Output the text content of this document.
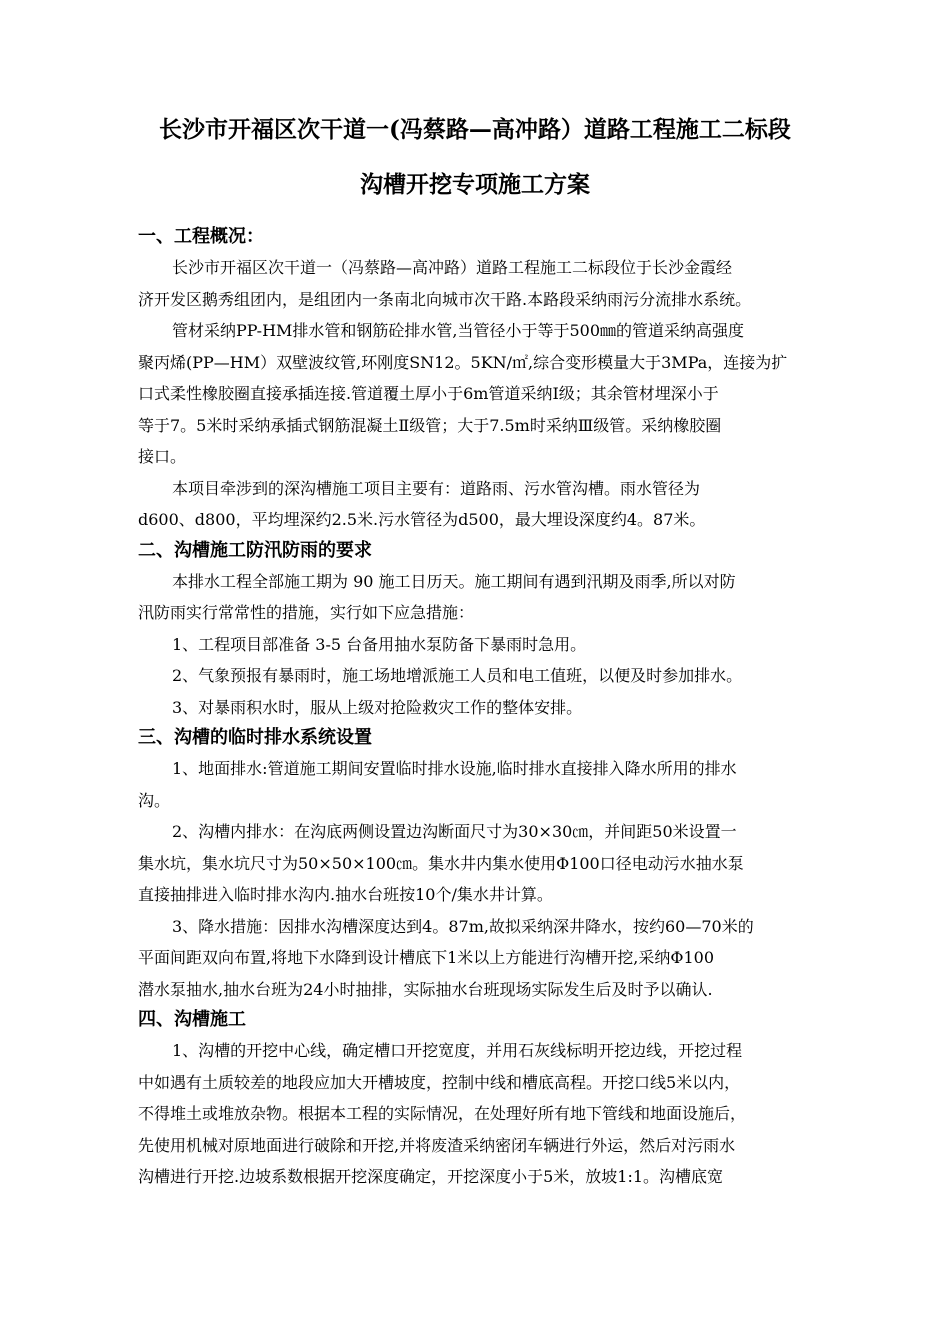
长沙市开福区次干道一(冯蔡路—高冲路）道路工程施工二标段
沟槽开挖专项施工方案
一、工程概况：
长沙市开福区次干道一（冯蔡路—高冲路）道路工程施工二标段位于长沙金霞经
济开发区鹅秀组团内，是组团内一条南北向城市次干路.本路段采纳雨污分流排水系统。
管材采纳PP-HM排水管和钢筋砼排水管,当管径小于等于500㎜的管道采纳高强度
聚丙烯(PP—HM）双壁波纹管,环刚度SN12。5KN/㎡,综合变形模量大于3MPa，连接为扩
口式柔性橡胶圈直接承插连接.管道覆土厚小于6m管道采纳Ⅰ级；其余管材埋深小于
等于7。5米时采纳承插式钢筋混凝土Ⅱ级管；大于7.5m时采纳Ⅲ级管。采纳橡胶圈
接口。
本项目牵涉到的深沟槽施工项目主要有：道路雨、污水管沟槽。雨水管径为
d600、d800，平均埋深约2.5米.污水管径为d500，最大埋设深度约4。87米。
二、沟槽施工防汛防雨的要求
本排水工程全部施工期为 90 施工日历天。施工期间有遇到汛期及雨季,所以对防
汛防雨实行常常性的措施，实行如下应急措施：
1、工程项目部准备 3-5 台备用抽水泵防备下暴雨时急用。
2、气象预报有暴雨时，施工场地增派施工人员和电工值班，以便及时参加排水。
3、对暴雨积水时，服从上级对抢险救灾工作的整体安排。
三、沟槽的临时排水系统设置
1、地面排水:管道施工期间安置临时排水设施,临时排水直接排入降水所用的排水
沟。
2、沟槽内排水：在沟底两侧设置边沟断面尺寸为30×30㎝，并间距50米设置一
集水坑，集水坑尺寸为50×50×100㎝。集水井内集水使用Φ100口径电动污水抽水泵
直接抽排进入临时排水沟内.抽水台班按10个/集水井计算。
3、降水措施：因排水沟槽深度达到4。87m,故拟采纳深井降水，按约60—70米的
平面间距双向布置,将地下水降到设计槽底下1米以上方能进行沟槽开挖,采纳Φ100
潜水泵抽水,抽水台班为24小时抽排，实际抽水台班现场实际发生后及时予以确认.
四、沟槽施工
1、沟槽的开挖中心线，确定槽口开挖宽度，并用石灰线标明开挖边线，开挖过程
中如遇有土质较差的地段应加大开槽坡度，控制中线和槽底高程。开挖口线5米以内，
不得堆土或堆放杂物。根据本工程的实际情况，在处理好所有地下管线和地面设施后，
先使用机械对原地面进行破除和开挖,并将废渣采纳密闭车辆进行外运，然后对污雨水
沟槽进行开挖.边坡系数根据开挖深度确定，开挖深度小于5米，放坡1:1。沟槽底宽
